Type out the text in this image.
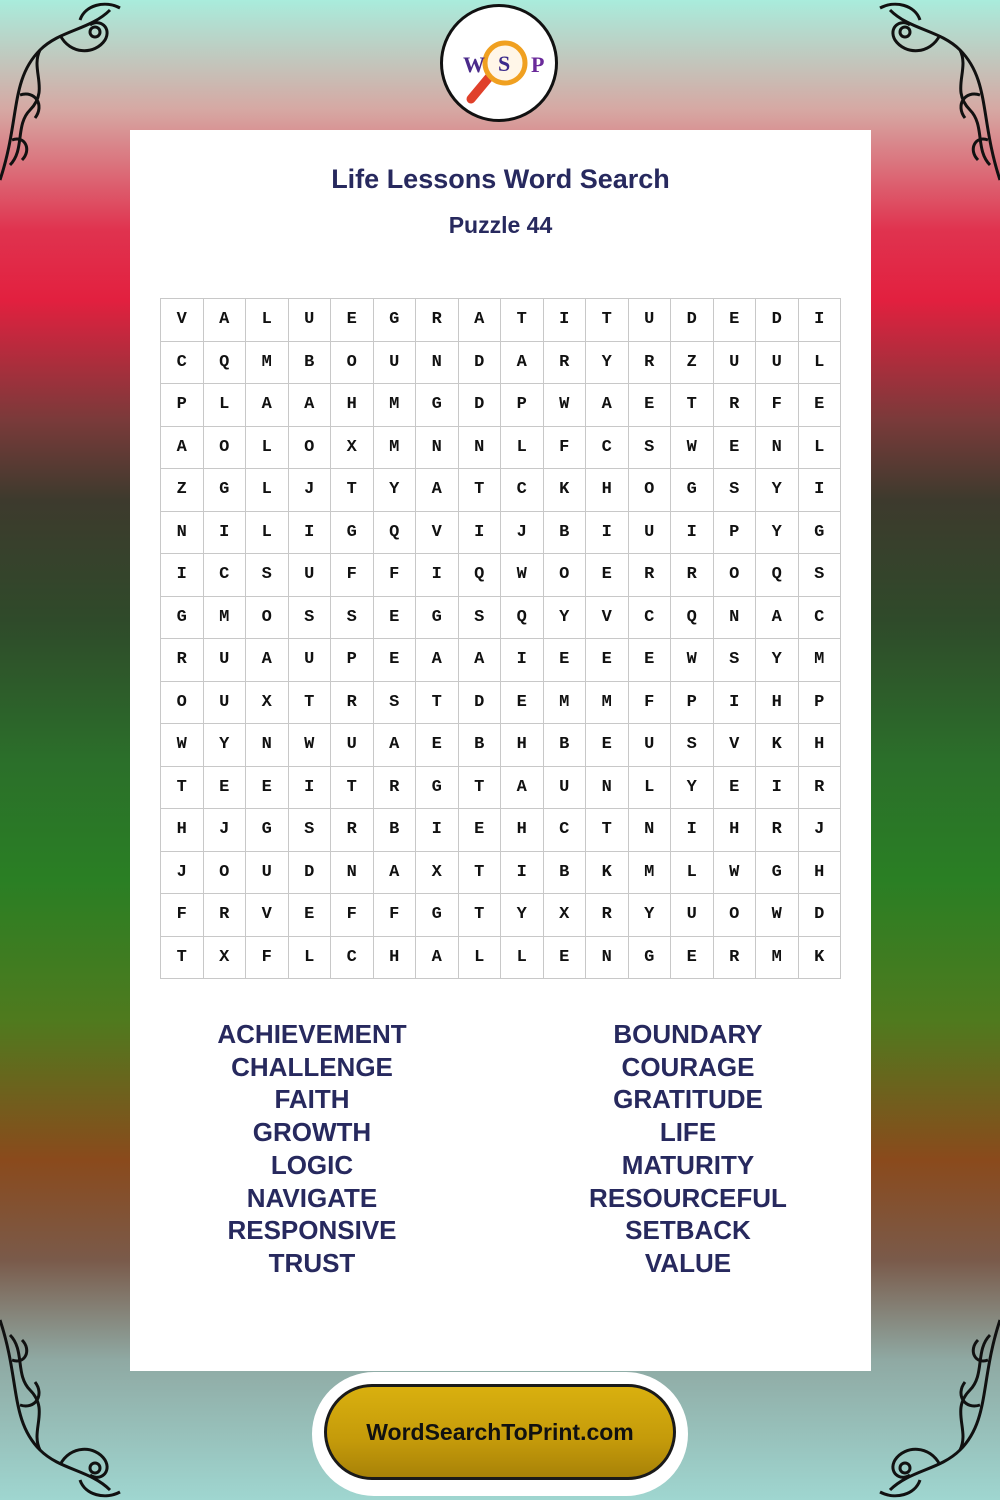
W S P
Life Lessons Word Search
Puzzle 44
V	A	L	U	E	G	R	A	T	I	T	U	D	E	D	I
C	Q	M	B	O	U	N	D	A	R	Y	R	Z	U	U	L
P	L	A	A	H	M	G	D	P	W	A	E	T	R	F	E
A	O	L	O	X	M	N	N	L	F	C	S	W	E	N	L
Z	G	L	J	T	Y	A	T	C	K	H	O	G	S	Y	I
N	I	L	I	G	Q	V	I	J	B	I	U	I	P	Y	G
I	C	S	U	F	F	I	Q	W	O	E	R	R	O	Q	S
G	M	O	S	S	E	G	S	Q	Y	V	C	Q	N	A	C
R	U	A	U	P	E	A	A	I	E	E	E	W	S	Y	M
O	U	X	T	R	S	T	D	E	M	M	F	P	I	H	P
W	Y	N	W	U	A	E	B	H	B	E	U	S	V	K	H
T	E	E	I	T	R	G	T	A	U	N	L	Y	E	I	R
H	J	G	S	R	B	I	E	H	C	T	N	I	H	R	J
J	O	U	D	N	A	X	T	I	B	K	M	L	W	G	H
F	R	V	E	F	F	G	T	Y	X	R	Y	U	O	W	D
T	X	F	L	C	H	A	L	L	E	N	G	E	R	M	K
ACHIEVEMENT
CHALLENGE
FAITH
GROWTH
LOGIC
NAVIGATE
RESPONSIVE
TRUST
BOUNDARY
COURAGE
GRATITUDE
LIFE
MATURITY
RESOURCEFUL
SETBACK
VALUE
WordSearchToPrint.com
